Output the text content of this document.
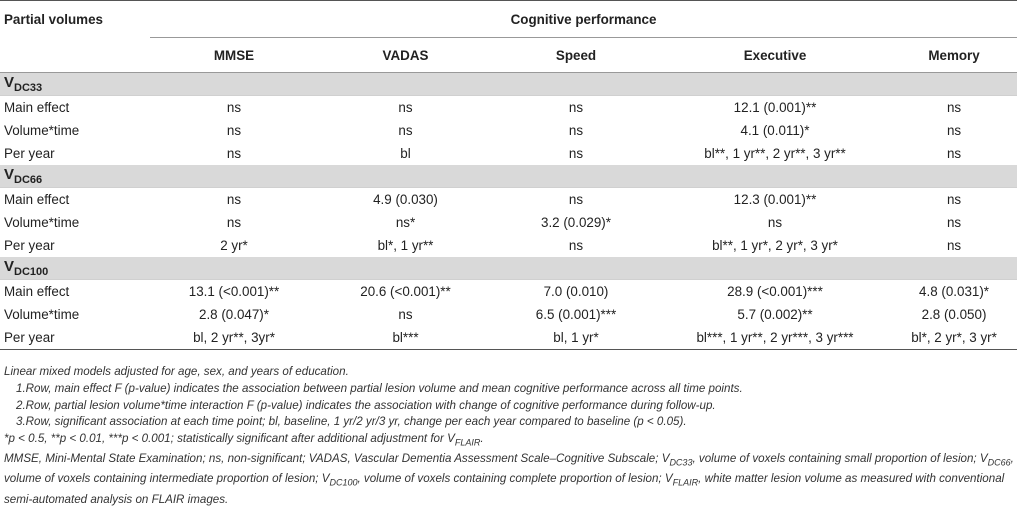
Partial volumes	Cognitive performance				
	MMSE	VADAS	Speed	Executive	Memory
$V_{DC33}$
Main effect	ns	ns	ns	12.1 (0.001)**	ns
Volume*time	ns	ns	ns	4.1 (0.011)*	ns
Per year	ns	bl	ns	bl**, 1 yr**, 2 yr**, 3 yr**	ns
$V_{DC66}$
Main effect	ns	4.9 (0.030)	ns	12.3 (0.001)**	ns
Volume*time	ns	ns*	3.2 (0.029)*	ns	ns
Per year	2 yr*	bl*, 1 yr**	ns	bl**, 1 yr*, 2 yr*, 3 yr*	ns
$V_{DC100}$
Main effect	13.1 (<0.001)**	20.6 (<0.001)**	7.0 (0.010)	28.9 (<0.001)***	4.8 (0.031)*
Volume*time	2.8 (0.047)*	ns	6.5 (0.001)***	5.7 (0.002)**	2.8 (0.050)
Per year	bl, 2 yr**, 3yr*	bl***	bl, 1 yr*	bl***, 1 yr**, 2 yr***, 3 yr***	bl*, 2 yr*, 3 yr*
Linear mixed models adjusted for age, sex, and years of education.
1.Row, main effect F (p-value) indicates the association between partial lesion volume and mean cognitive performance across all time points.
2.Row, partial lesion volume*time interaction F (p-value) indicates the association with change of cognitive performance during follow-up.
3.Row, significant association at each time point; bl, baseline, 1 yr/2 yr/3 yr, change per each year compared to baseline (p < 0.05).
*p < 0.5, **p < 0.01, ***p < 0.001; statistically significant after additional adjustment for $V_{FLAIR}$.
MMSE, Mini-Mental State Examination; ns, non-significant; VADAS, Vascular Dementia Assessment Scale–Cognitive Subscale; $V_{DC33}$, volume of voxels containing small proportion of lesion; $V_{DC66}$, volume of voxels containing intermediate proportion of lesion; $V_{DC100}$, volume of voxels containing complete proportion of lesion; $V_{FLAIR}$, white matter lesion volume as measured with conventional semi-automated analysis on FLAIR images.
